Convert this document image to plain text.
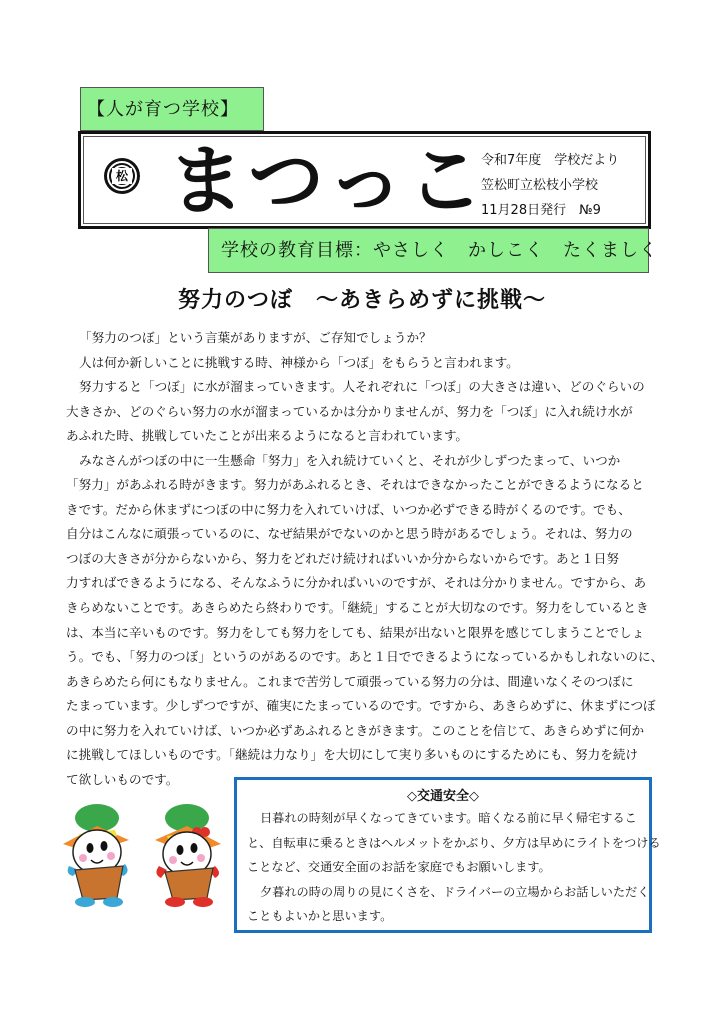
【人が育つ学校】
松 まつっこ
令和7年度　学校だより
笠松町立松枝小学校
11月28日発行　№9
学校の教育目標：やさしく　かしこく　たくましく
努力のつぼ　～あきらめずに挑戦～
「努力のつぼ」という言葉がありますが、ご存知でしょうか？
人は何か新しいことに挑戦する時、神様から「つぼ」をもらうと言われます。
努力すると「つぼ」に水が溜まっていきます。人それぞれに「つぼ」の大きさは違い、どのぐらいの
大きさか、どのぐらい努力の水が溜まっているかは分かりませんが、努力を「つぼ」に入れ続け水が
あふれた時、挑戦していたことが出来るようになると言われています。
みなさんがつぼの中に一生懸命「努力」を入れ続けていくと、それが少しずつたまって、いつか
「努力」があふれる時がきます。努力があふれるとき、それはできなかったことができるようになると
きです。だから休まずにつぼの中に努力を入れていけば、いつか必ずできる時がくるのです。でも、
自分はこんなに頑張っているのに、なぜ結果がでないのかと思う時があるでしょう。それは、努力の
つぼの大きさが分からないから、努力をどれだけ続ければいいか分からないからです。あと１日努
力すればできるようになる、そんなふうに分かればいいのですが、それは分かりません。ですから、あ
きらめないことです。あきらめたら終わりです。「継続」することが大切なのです。努力をしているとき
は、本当に辛いものです。努力をしても努力をしても、結果が出ないと限界を感じてしまうことでしょ
う。でも、「努力のつぼ」というのがあるのです。あと１日でできるようになっているかもしれないのに、
あきらめたら何にもなりません。これまで苦労して頑張っている努力の分は、間違いなくそのつぼに
たまっています。少しずつですが、確実にたまっているのです。ですから、あきらめずに、休まずにつぼ
の中に努力を入れていけば、いつか必ずあふれるときがきます。このことを信じて、あきらめずに何か
に挑戦してほしいものです。「継続は力なり」を大切にして実り多いものにするためにも、努力を続け
て欲しいものです。
◇交通安全◇
日暮れの時刻が早くなってきています。暗くなる前に早く帰宅するこ
と、自転車に乗るときはヘルメットをかぶり、夕方は早めにライトをつける
ことなど、交通安全面のお話を家庭でもお願いします。
夕暮れの時の周りの見にくさを、ドライバーの立場からお話しいただく
こともよいかと思います。
